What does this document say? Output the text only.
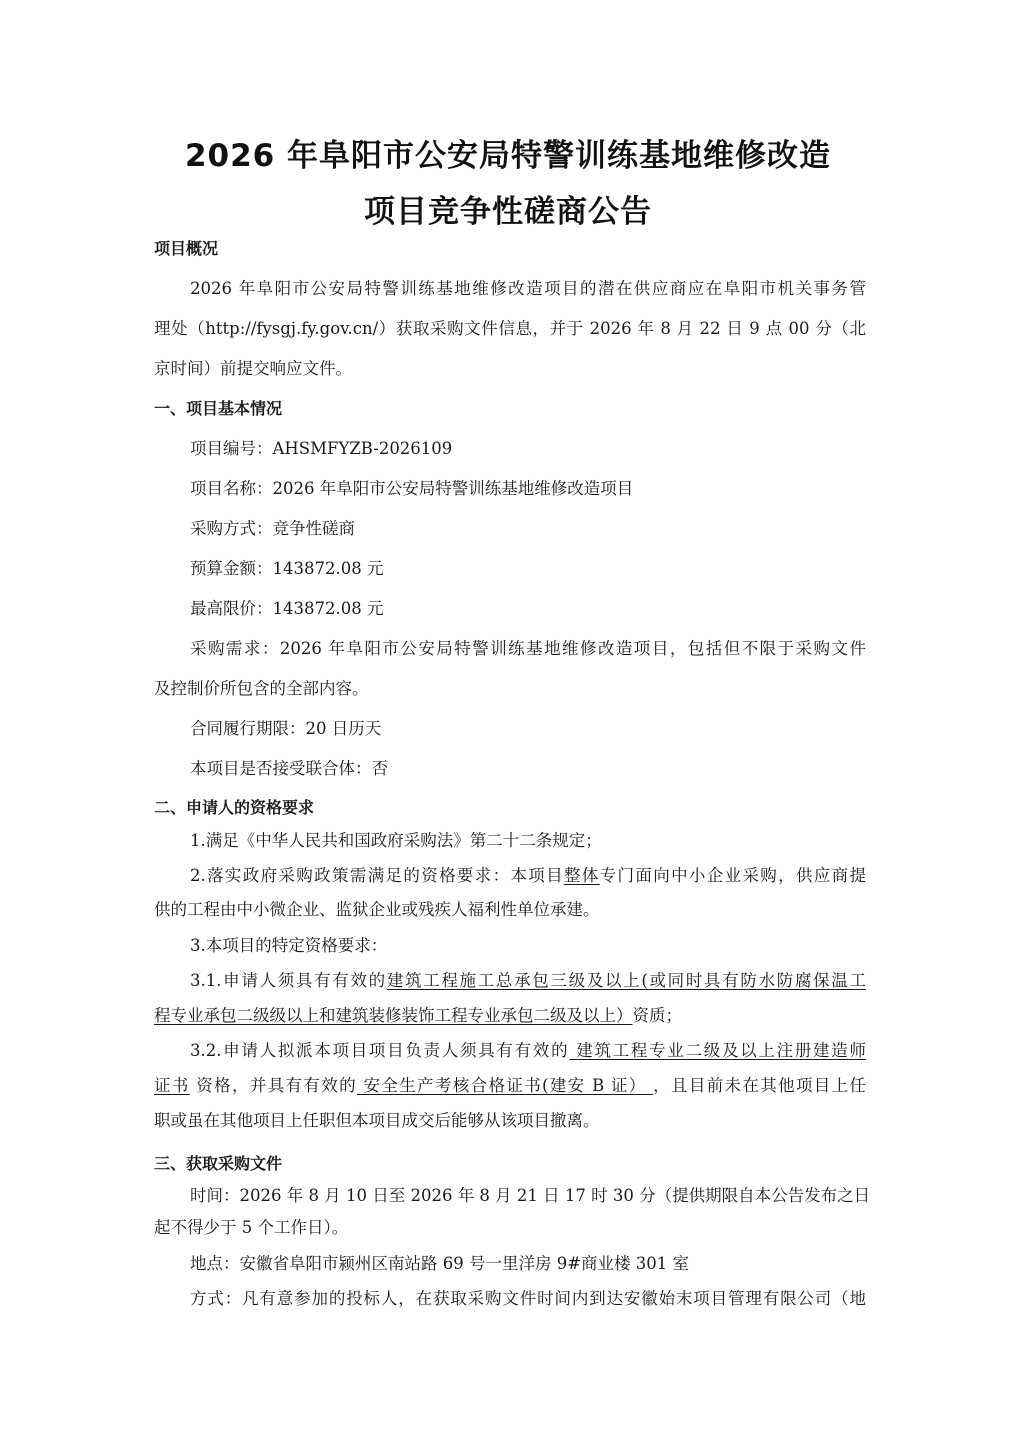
2026 年阜阳市公安局特警训练基地维修改造
项目竞争性磋商公告
项目概况
2026 年阜阳市公安局特警训练基地维修改造项目的潜在供应商应在阜阳市机关事务管
理处（http://fysgj.fy.gov.cn/）获取采购文件信息，并于 2026 年 8 月 22 日 9 点 00 分（北
京时间）前提交响应文件。
一、项目基本情况
项目编号：AHSMFYZB-2026109
项目名称：2026 年阜阳市公安局特警训练基地维修改造项目
采购方式：竞争性磋商
预算金额：143872.08 元
最高限价：143872.08 元
采购需求：2026 年阜阳市公安局特警训练基地维修改造项目，包括但不限于采购文件
及控制价所包含的全部内容。
合同履行期限：20 日历天
本项目是否接受联合体：否
二、申请人的资格要求
1.满足《中华人民共和国政府采购法》第二十二条规定；
2.落实政府采购政策需满足的资格要求：本项目整体专门面向中小企业采购，供应商提
供的工程由中小微企业、监狱企业或残疾人福利性单位承建。
3.本项目的特定资格要求：
3.1.申请人须具有有效的建筑工程施工总承包三级及以上(或同时具有防水防腐保温工
程专业承包二级级以上和建筑装修装饰工程专业承包二级及以上）资质；
3.2.申请人拟派本项目项目负责人须具有有效的 建筑工程专业二级及以上注册建造师
证书 资格，并具有有效的 安全生产考核合格证书(建安 B 证） ，且目前未在其他项目上任
职或虽在其他项目上任职但本项目成交后能够从该项目撤离。
三、获取采购文件
时间：2026 年 8 月 10 日至 2026 年 8 月 21 日 17 时 30 分（提供期限自本公告发布之日
起不得少于 5 个工作日）。
地点：安徽省阜阳市颍州区南站路 69 号一里洋房 9#商业楼 301 室
方式：凡有意参加的投标人，在获取采购文件时间内到达安徽始末项目管理有限公司（地
